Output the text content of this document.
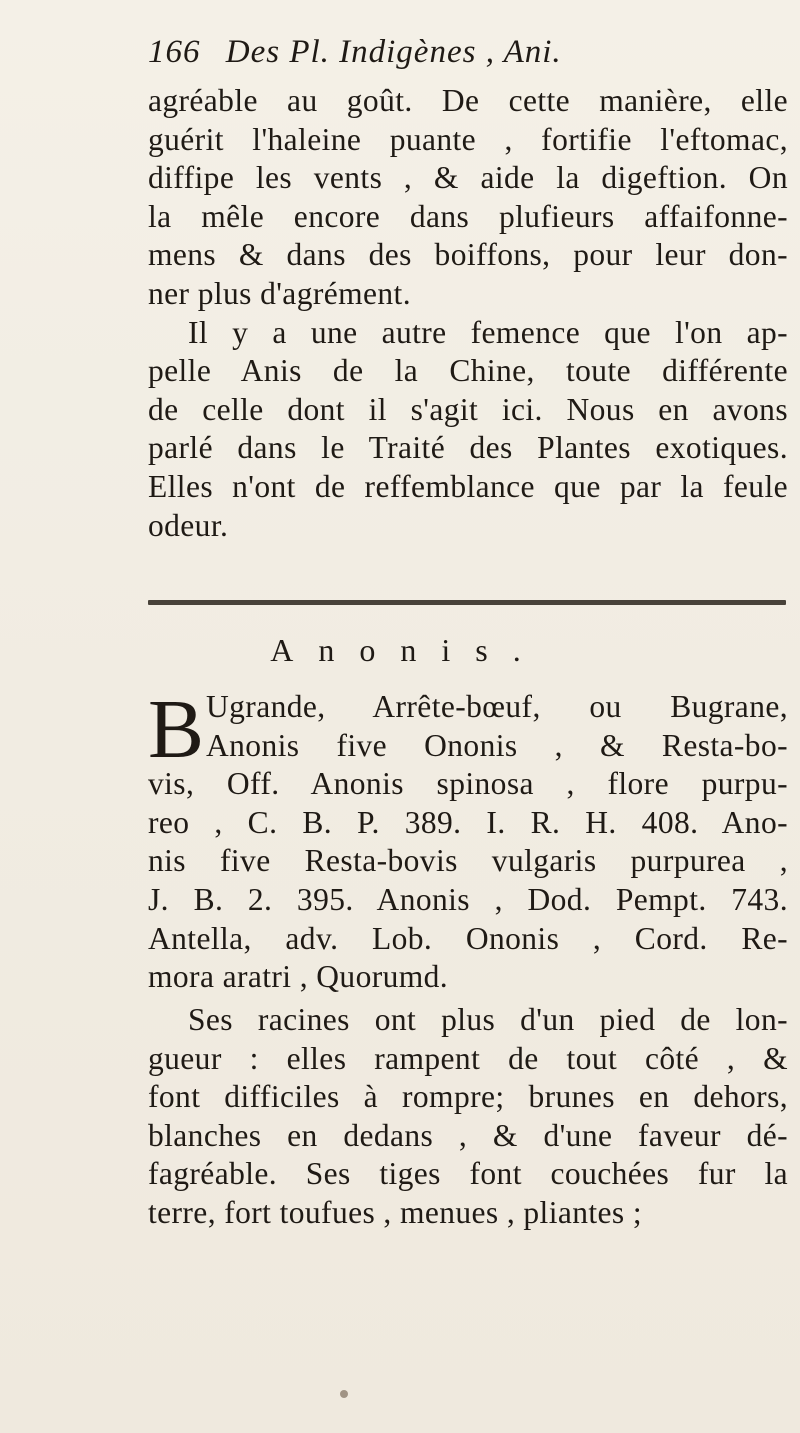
166 Des Pl. Indigènes , Ani.
agréable au goût. De cette manière, elle
guérit l'haleine puante , fortifie l'eftomac,
diffipe les vents , & aide la digeftion. On
la mêle encore dans plufieurs affaifonne-
mens & dans des boiffons, pour leur don-
ner plus d'agrément.
Il y a une autre femence que l'on ap-
pelle Anis de la Chine, toute différente
de celle dont il s'agit ici. Nous en avons
parlé dans le Traité des Plantes exotiques.
Elles n'ont de reffemblance que par la feule
odeur.
Anonis.
B Ugrande, Arrête-bœuf, ou Bugrane,
Anonis five Ononis , & Resta-bo-
vis, Off. Anonis spinosa , flore purpu-
reo , C. B. P. 389. I. R. H. 408. Ano-
nis five Resta-bovis vulgaris purpurea ,
J. B. 2. 395. Anonis , Dod. Pempt. 743.
Antella, adv. Lob. Ononis , Cord. Re-
mora aratri , Quorumd.
Ses racines ont plus d'un pied de lon-
gueur : elles rampent de tout côté , &
font difficiles à rompre; brunes en dehors,
blanches en dedans , & d'une faveur dé-
fagréable. Ses tiges font couchées fur la
terre, fort toufues , menues , pliantes ;
